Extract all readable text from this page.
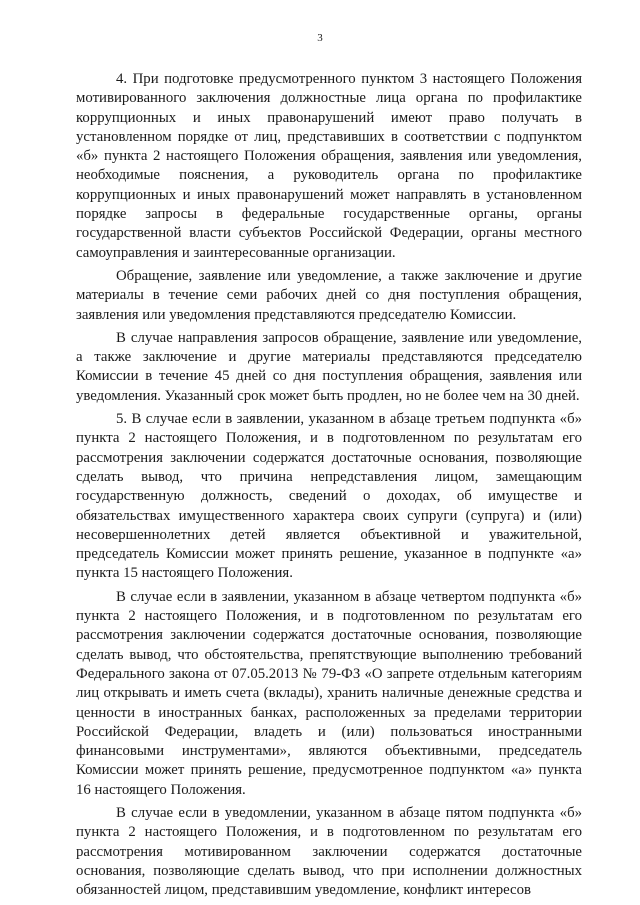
3

4. При подготовке предусмотренного пунктом 3 настоящего Положения мотивированного заключения должностные лица органа по профилактике коррупционных и иных правонарушений имеют право получать в установленном порядке от лиц, представивших в соответствии с подпунктом «б» пункта 2 настоящего Положения обращения, заявления или уведомления, необходимые пояснения, а руководитель органа по профилактике коррупционных и иных правонарушений может направлять в установленном порядке запросы в федеральные государственные органы, органы государственной власти субъектов Российской Федерации, органы местного самоуправления и заинтересованные организации.

Обращение, заявление или уведомление, а также заключение и другие материалы в течение семи рабочих дней со дня поступления обращения, заявления или уведомления представляются председателю Комиссии.

В случае направления запросов обращение, заявление или уведомление, а также заключение и другие материалы представляются председателю Комиссии в течение 45 дней со дня поступления обращения, заявления или уведомления. Указанный срок может быть продлен, но не более чем на 30 дней.

5. В случае если в заявлении, указанном в абзаце третьем подпункта «б» пункта 2 настоящего Положения, и в подготовленном по результатам его рассмотрения заключении содержатся достаточные основания, позволяющие сделать вывод, что причина непредставления лицом, замещающим государственную должность, сведений о доходах, об имуществе и обязательствах имущественного характера своих супруги (супруга) и (или) несовершеннолетних детей является объективной и уважительной, председатель Комиссии может принять решение, указанное в подпункте «а» пункта 15 настоящего Положения.

В случае если в заявлении, указанном в абзаце четвертом подпункта «б» пункта 2 настоящего Положения, и в подготовленном по результатам его рассмотрения заключении содержатся достаточные основания, позволяющие сделать вывод, что обстоятельства, препятствующие выполнению требований Федерального закона от 07.05.2013 № 79-ФЗ «О запрете отдельным категориям лиц открывать и иметь счета (вклады), хранить наличные денежные средства и ценности в иностранных банках, расположенных за пределами территории Российской Федерации, владеть и (или) пользоваться иностранными финансовыми инструментами», являются объективными, председатель Комиссии может принять решение, предусмотренное подпунктом «а» пункта 16 настоящего Положения.

В случае если в уведомлении, указанном в абзаце пятом подпункта «б» пункта 2 настоящего Положения, и в подготовленном по результатам его рассмотрения мотивированном заключении содержатся достаточные основания, позволяющие сделать вывод, что при исполнении должностных обязанностей лицом, представившим уведомление, конфликт интересов
